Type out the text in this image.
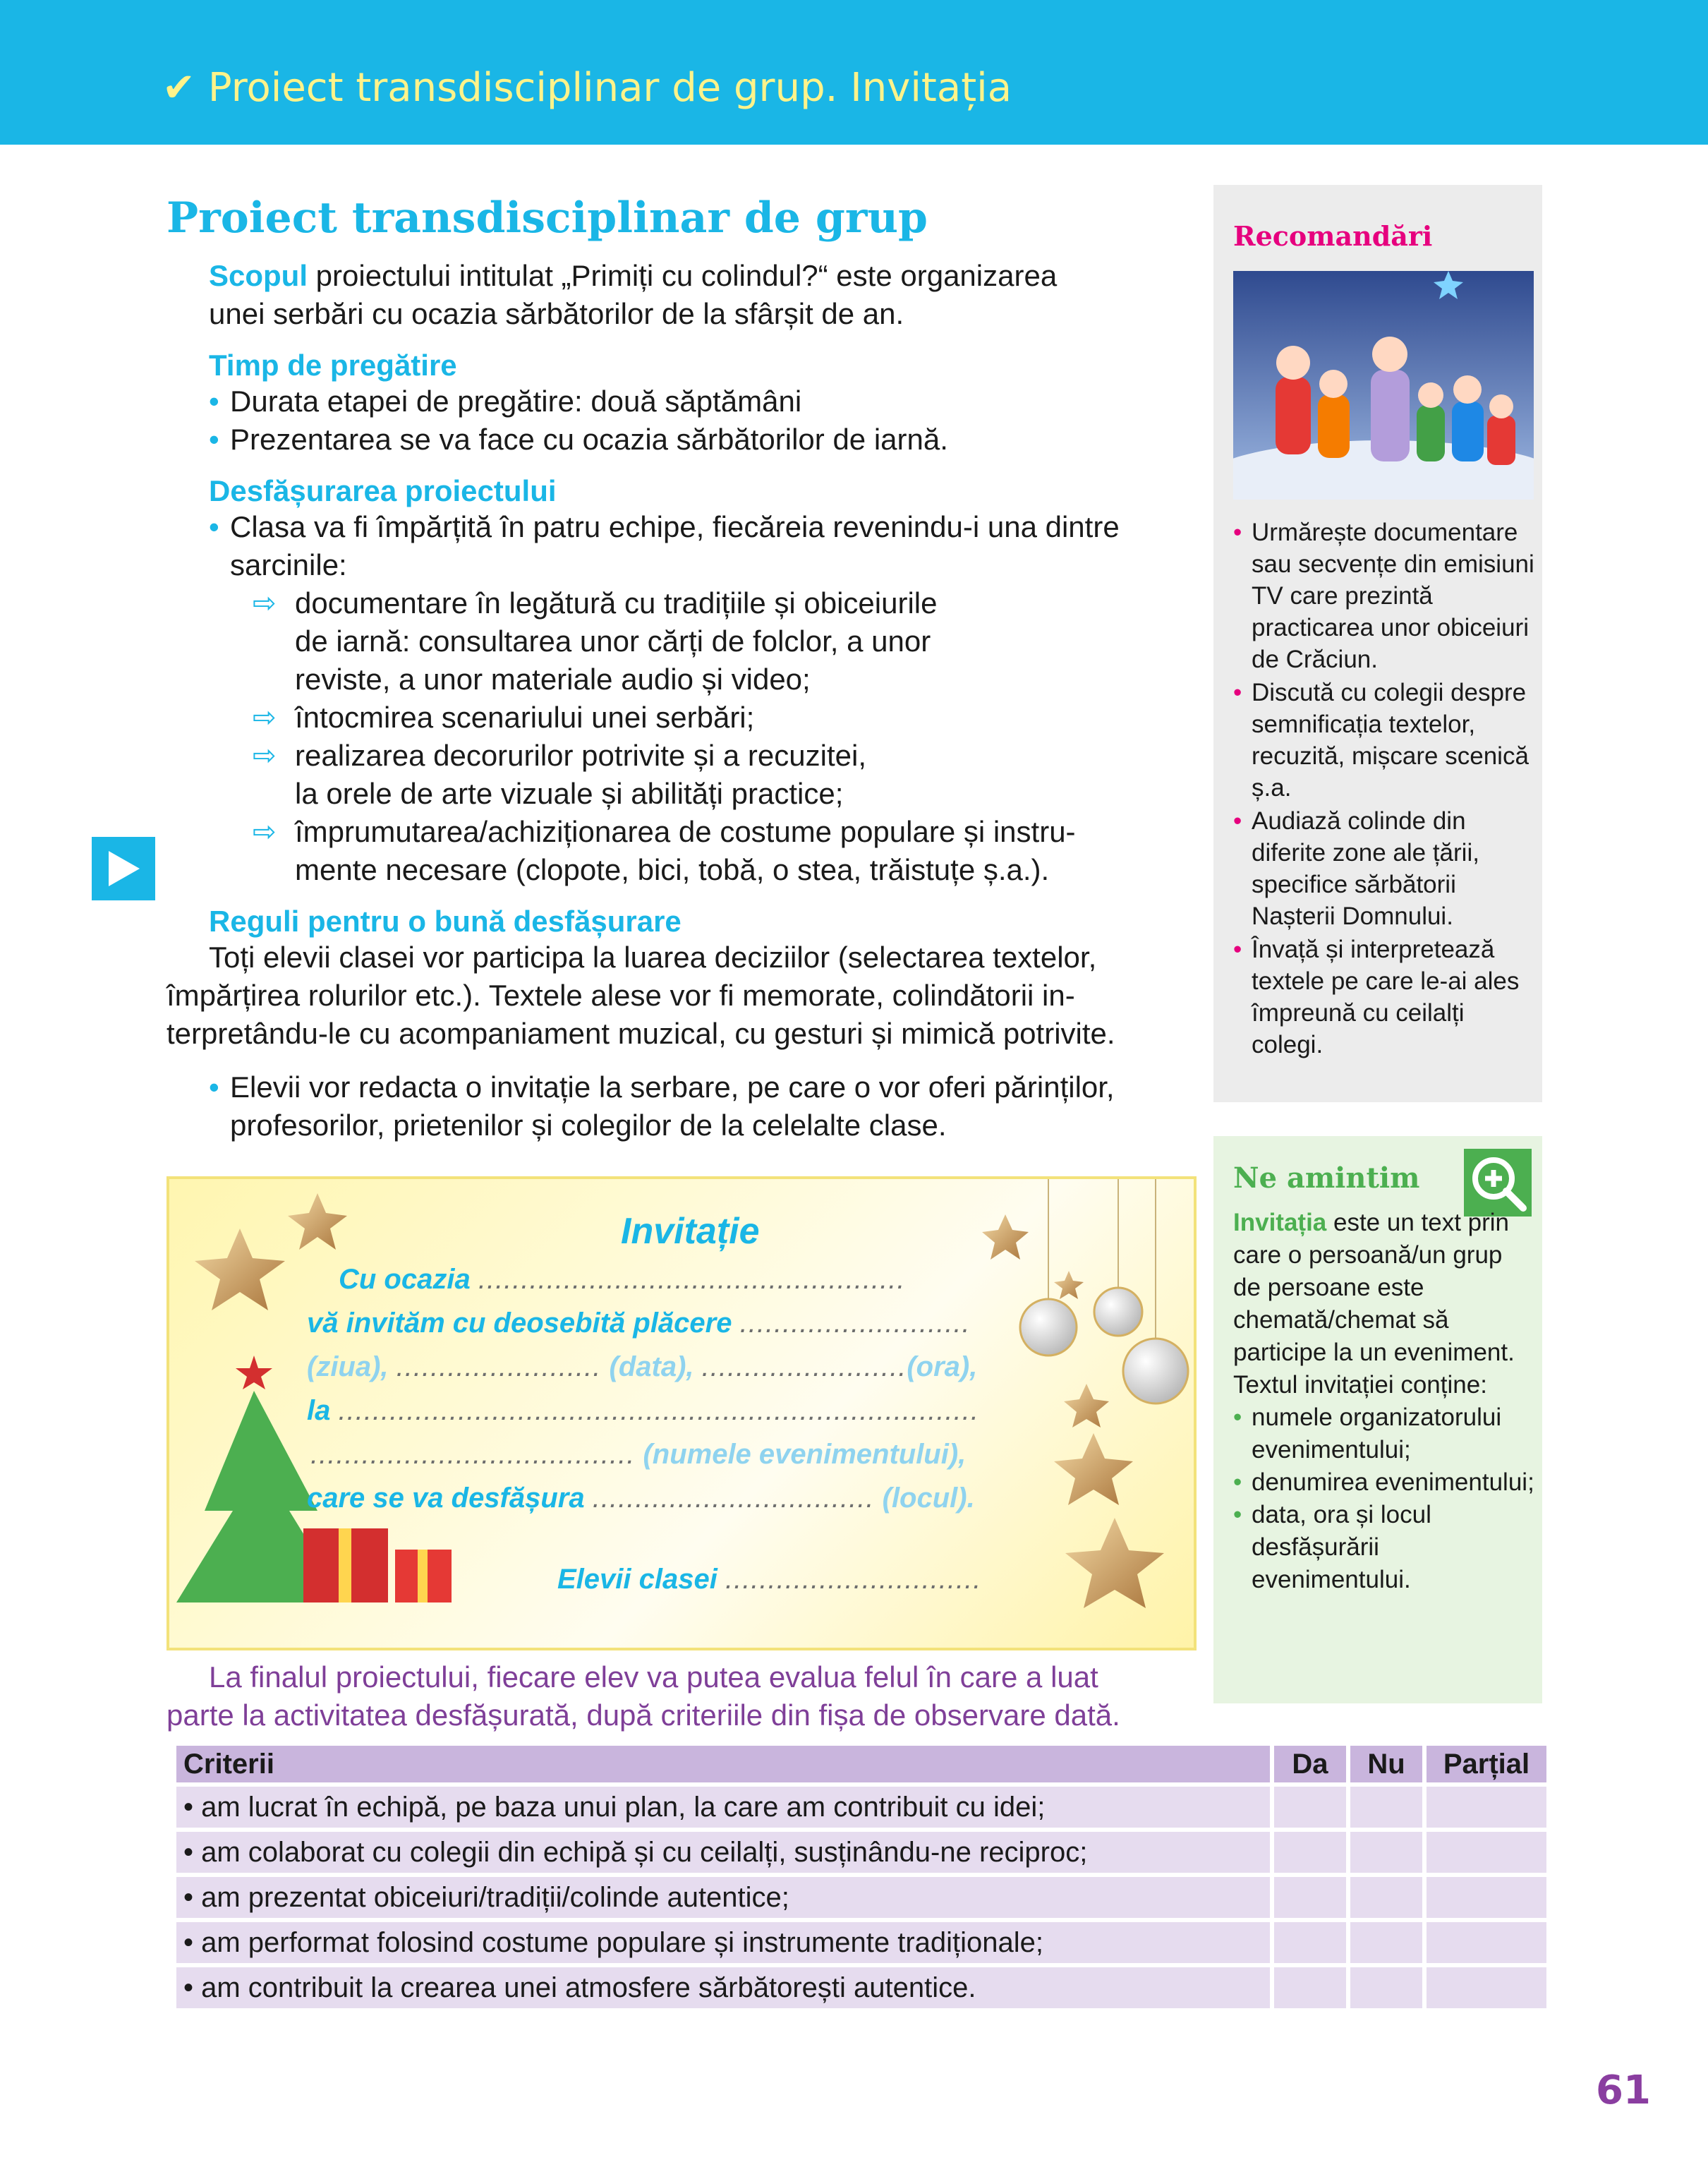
✔ Proiect transdisciplinar de grup. Invitația
Proiect transdisciplinar de grup
Scopul proiectului intitulat „Primiți cu colindul?“ este organizarea
unei serbări cu ocazia sărbătorilor de la sfârșit de an.
Timp de pregătire
• Durata etapei de pregătire: două săptămâni
• Prezentarea se va face cu ocazia sărbătorilor de iarnă.
Desfășurarea proiectului
• Clasa va fi împărțită în patru echipe, fiecăreia revenindu-i una dintre
sarcinile:
⇨ documentare în legătură cu tradițiile și obiceiurile
de iarnă: consultarea unor cărți de folclor, a unor
reviste, a unor materiale audio și video;
⇨ întocmirea scenariului unei serbări;
⇨ realizarea decorurilor potrivite și a recuzitei,
la orele de arte vizuale și abilități practice;
⇨ împrumutarea/achiziționarea de costume populare și instru-
mente necesare (clopote, bici, tobă, o stea, trăistuțe ș.a.).
Reguli pentru o bună desfășurare
Toți elevii clasei vor participa la luarea deciziilor (selectarea textelor,
împărțirea rolurilor etc.). Textele alese vor fi memorate, colindătorii in-
terpretându-le cu acompaniament muzical, cu gesturi și mimică potrivite.
• Elevii vor redacta o invitație la serbare, pe care o vor oferi părinților,
profesorilor, prietenilor și colegilor de la celelalte clase.
Invitație
Cu ocazia ..................................................
vă invităm cu deosebită plăcere ...........................
(ziua), ........................ (data), ........................(ora),
la ...........................................................................
...................................... (numele evenimentului),
care se va desfășura ................................. (locul).
Elevii clasei ..............................
La finalul proiectului, fiecare elev va putea evalua felul în care a luat
parte la activitatea desfășurată, după criteriile din fișa de observare dată.
Criterii	Da	Nu	Parțial
• am lucrat în echipă, pe baza unui plan, la care am contribuit cu idei;			
• am colaborat cu colegii din echipă și cu ceilalți, susținându-ne reciproc;			
• am prezentat obiceiuri/tradiții/colinde autentice;			
• am performat folosind costume populare și instrumente tradiționale;			
• am contribuit la crearea unei atmosfere sărbătorești autentice.			
Recomandări
• Urmărește documentare sau secvențe din emisiuni TV care prezintă practicarea unor obiceiuri de Crăciun.
• Discută cu colegii despre semnificația textelor, recuzită, mișcare scenică ș.a.
• Audiază colinde din diferite zone ale țării, specifice sărbătorii Nașterii Domnului.
• Învață și interpretează textele pe care le-ai ales împreună cu ceilalți colegi.
Ne amintim
Invitația este un text prin care o persoană/un grup de persoane este chemată/chemat să participe la un eveniment. Textul invitației conține:
• numele organizatorului evenimentului;
• denumirea evenimentului;
• data, ora și locul desfășurării evenimentului.
61
